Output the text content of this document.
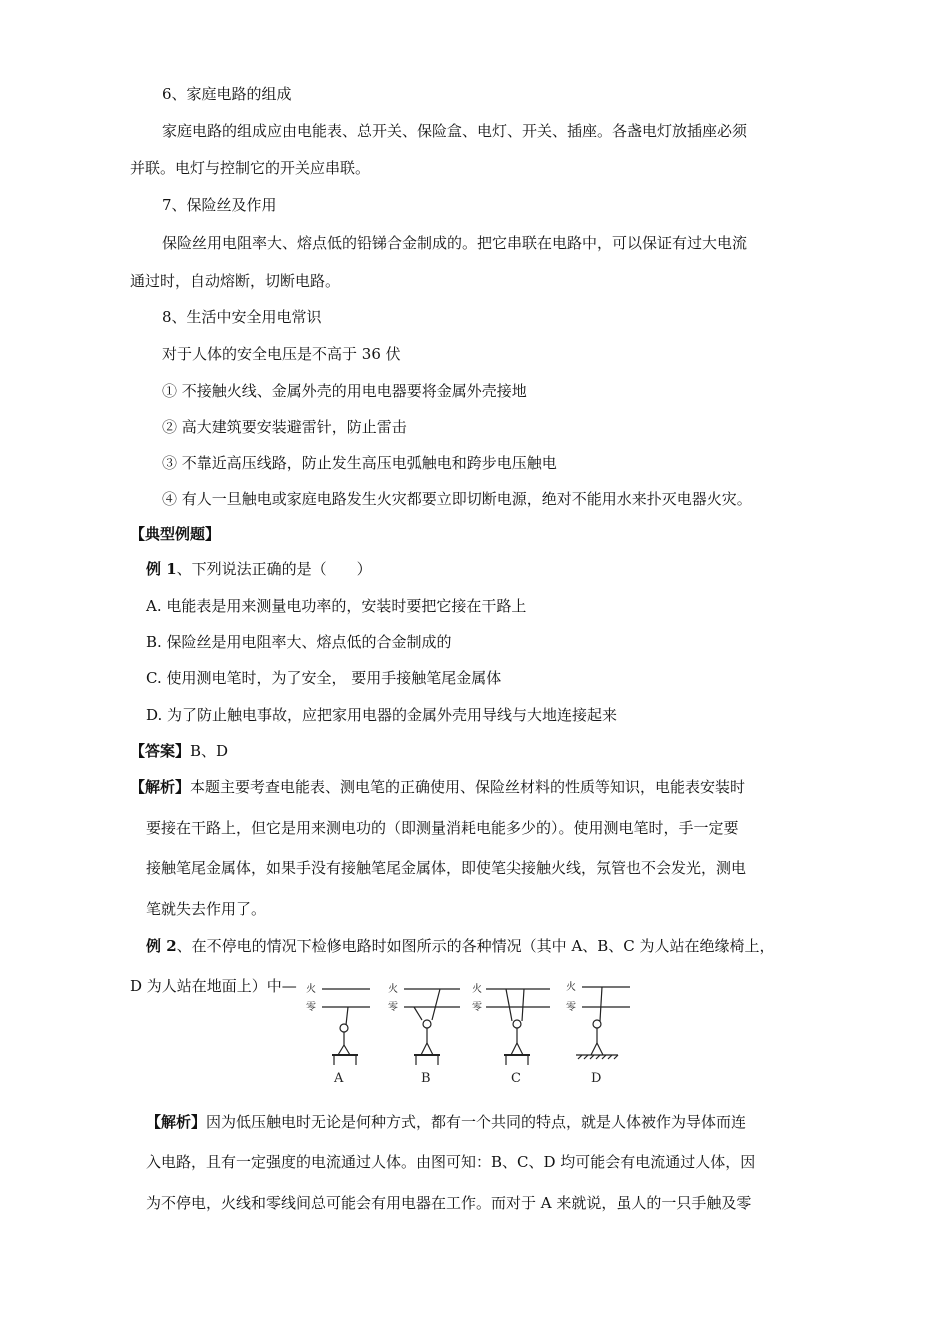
6、家庭电路的组成
家庭电路的组成应由电能表、总开关、保险盒、电灯、开关、插座。各盏电灯放插座必须
并联。电灯与控制它的开关应串联。
7、保险丝及作用
保险丝用电阻率大、熔点低的铅锑合金制成的。把它串联在电路中，可以保证有过大电流
通过时，自动熔断，切断电路。
8、生活中安全用电常识
对于人体的安全电压是不高于 36 伏
① 不接触火线、金属外壳的用电电器要将金属外壳接地
② 高大建筑要安装避雷针，防止雷击
③ 不靠近高压线路，防止发生高压电弧触电和跨步电压触电
④ 有人一旦触电或家庭电路发生火灾都要立即切断电源，绝对不能用水来扑灭电器火灾。
【典型例题】
例 1、下列说法正确的是（　　）
A. 电能表是用来测量电功率的，安装时要把它接在干路上
B. 保险丝是用电阻率大、熔点低的合金制成的
C. 使用测电笔时，为了安全， 要用手接触笔尾金属体
D. 为了防止触电事故，应把家用电器的金属外壳用导线与大地连接起来
【答案】B、D
【解析】本题主要考查电能表、测电笔的正确使用、保险丝材料的性质等知识，电能表安装时
要接在干路上，但它是用来测电功的（即测量消耗电能多少的）。使用测电笔时，手一定要
接触笔尾金属体，如果手没有接触笔尾金属体，即使笔尖接触火线，氖管也不会发光，测电
笔就失去作用了。
例 2、在不停电的情况下检修电路时如图所示的各种情况（其中 A、B、C 为人站在绝缘椅上，
D 为人站在地面上）中— 火
零
火
零
火
零
火
零
A	B	C	D
【解析】因为低压触电时无论是何种方式，都有一个共同的特点，就是人体被作为导体而连
入电路，且有一定强度的电流通过人体。由图可知：B、C、D 均可能会有电流通过人体，因
为不停电，火线和零线间总可能会有用电器在工作。而对于 A 来就说，虽人的一只手触及零
